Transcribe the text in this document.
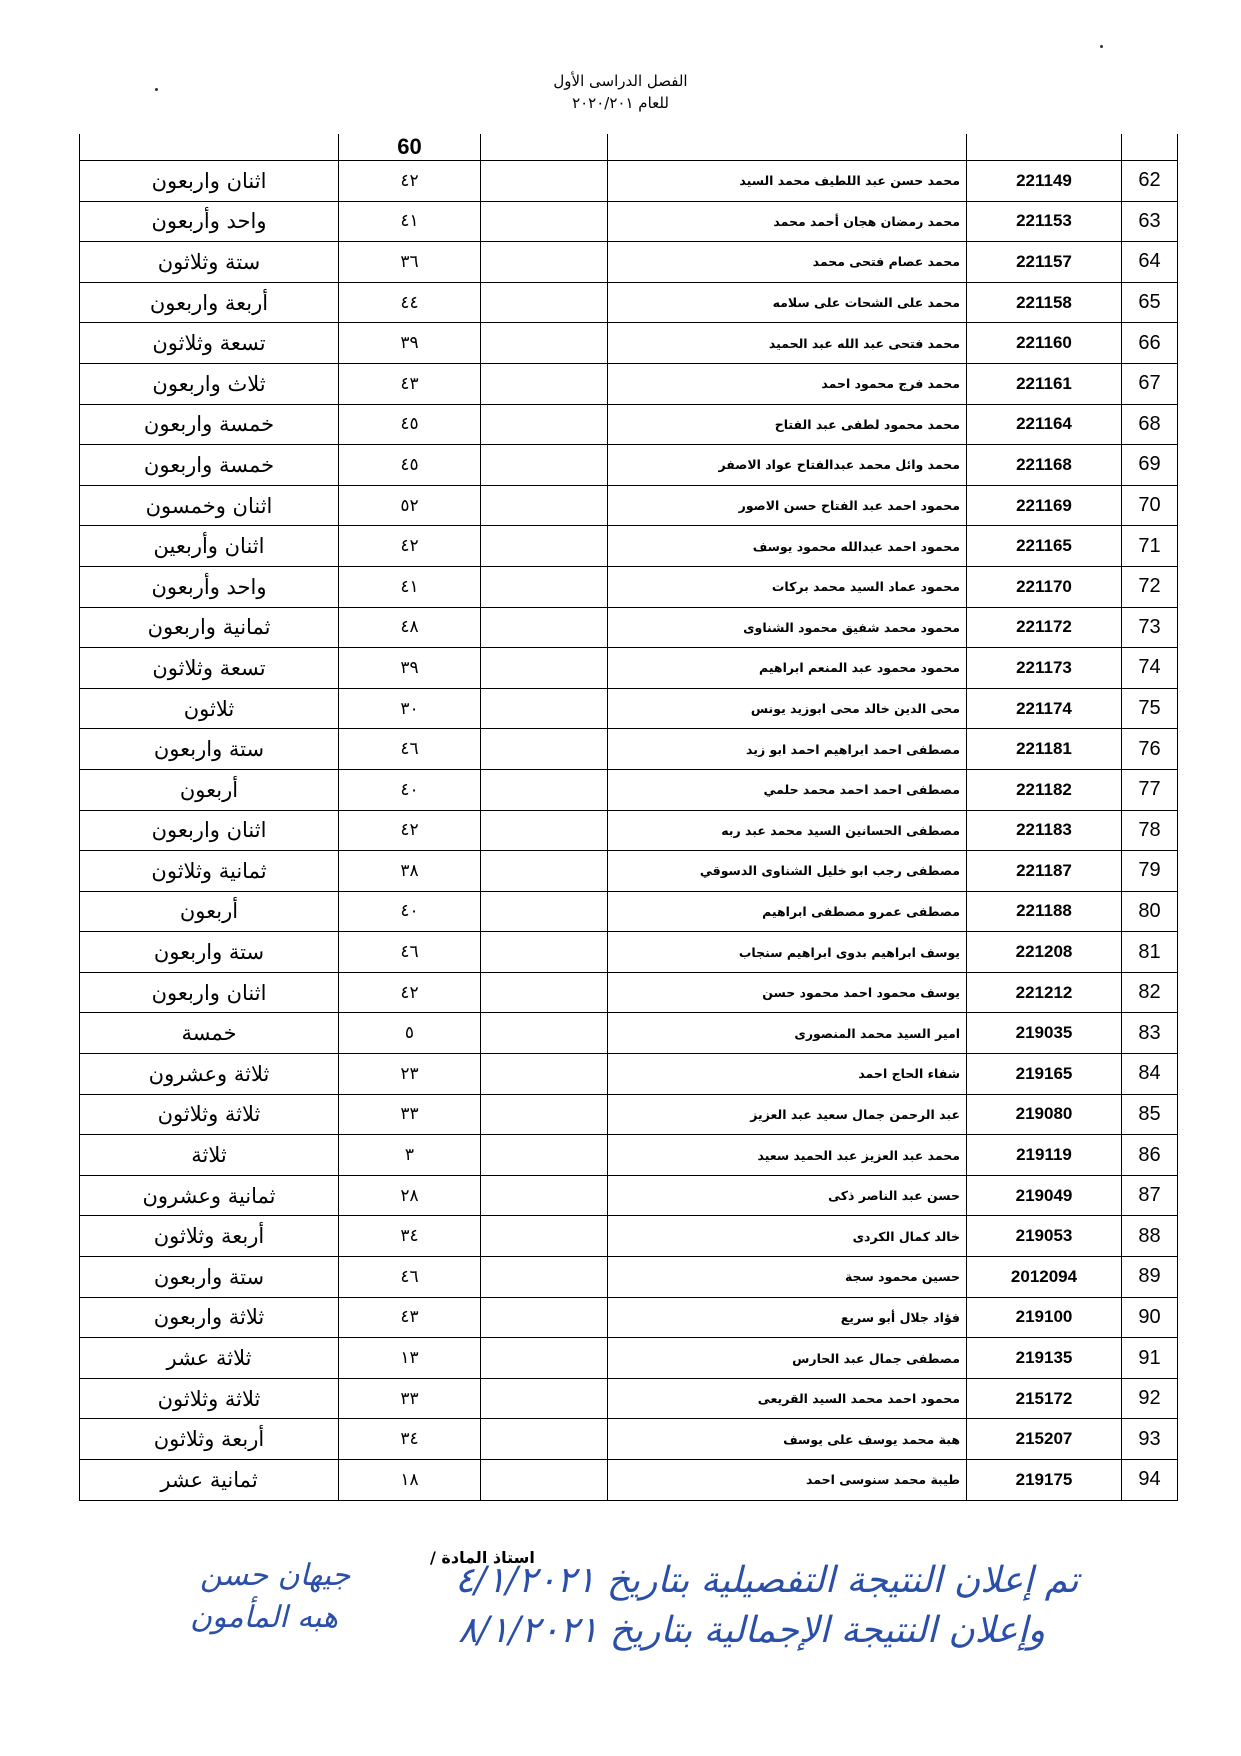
الفصل الدراسى الأول
للعام ٢٠٢٠/٢٠١
				60	
62	221149	محمد حسن عبد اللطيف محمد السيد		٤٢	اثنان واربعون
63	221153	محمد رمضان هجان أحمد محمد		٤١	واحد وأربعون
64	221157	محمد عصام فتحى محمد		٣٦	ستة وثلاثون
65	221158	محمد على الشحات على سلامه		٤٤	أربعة واربعون
66	221160	محمد فتحى عبد الله عبد الحميد		٣٩	تسعة وثلاثون
67	221161	محمد فرج محمود احمد		٤٣	ثلاث واربعون
68	221164	محمد محمود لطفى عبد الفتاح		٤٥	خمسة واربعون
69	221168	محمد وائل محمد عبدالفتاح عواد الاصفر		٤٥	خمسة واربعون
70	221169	محمود احمد عبد الفتاح حسن الاصور		٥٢	اثنان وخمسون
71	221165	محمود احمد عبدالله محمود يوسف		٤٢	اثنان وأربعين
72	221170	محمود عماد السيد محمد بركات		٤١	واحد وأربعون
73	221172	محمود محمد شفيق محمود الشناوى		٤٨	ثمانية واربعون
74	221173	محمود محمود عبد المنعم ابراهيم		٣٩	تسعة وثلاثون
75	221174	محى الدين خالد محى ابوزيد يونس		٣٠	ثلاثون
76	221181	مصطفى احمد ابراهيم احمد ابو زيد		٤٦	ستة واربعون
77	221182	مصطفى احمد احمد محمد حلمي		٤٠	أربعون
78	221183	مصطفى الحسانين السيد محمد عبد ربه		٤٢	اثنان واربعون
79	221187	مصطفى رجب ابو خليل الشناوى الدسوقي		٣٨	ثمانية وثلاثون
80	221188	مصطفى عمرو مصطفى ابراهيم		٤٠	أربعون
81	221208	يوسف ابراهيم بدوى ابراهيم سنجاب		٤٦	ستة واربعون
82	221212	يوسف محمود احمد محمود حسن		٤٢	اثنان واربعون
83	219035	امير السيد محمد المنصورى		٥	خمسة
84	219165	شفاء الحاج احمد		٢٣	ثلاثة وعشرون
85	219080	عبد الرحمن جمال سعيد عبد العزيز		٣٣	ثلاثة وثلاثون
86	219119	محمد عبد العزيز عبد الحميد سعيد		٣	ثلاثة
87	219049	حسن عبد الناصر ذكى		٢٨	ثمانية وعشرون
88	219053	خالد كمال الكردى		٣٤	أربعة وثلاثون
89	2012094	حسين محمود سجة		٤٦	ستة واربعون
90	219100	فؤاد جلال أبو سريع		٤٣	ثلاثة واربعون
91	219135	مصطفى جمال عبد الحارس		١٣	ثلاثة عشر
92	215172	محمود احمد محمد السيد القريعى		٣٣	ثلاثة وثلاثون
93	215207	هبة محمد يوسف على يوسف		٣٤	أربعة وثلاثون
94	219175	طيبة محمد سنوسى احمد		١٨	ثمانية عشر
استاذ المادة /
جيهان حسن
هبه المأمون
تم إعلان النتيجة التفصيلية بتاريخ ٤/١/٢٠٢١
وإعلان النتيجة الإجمالية بتاريخ ٨/١/٢٠٢١
